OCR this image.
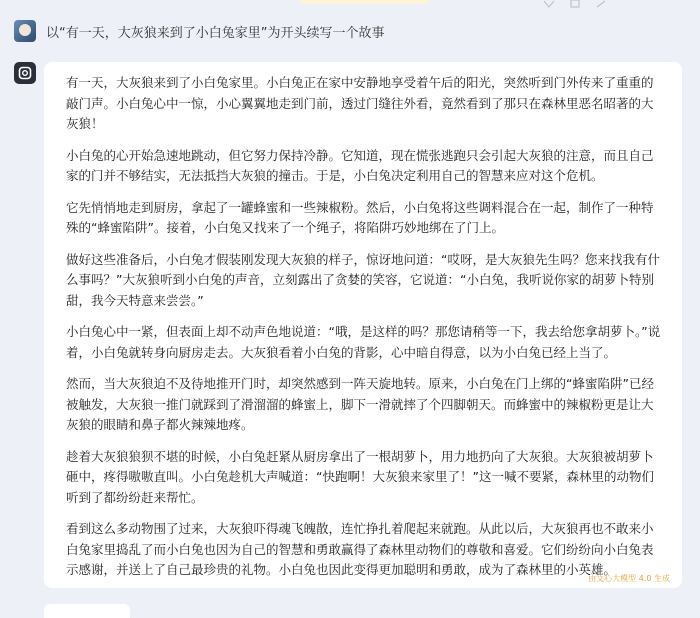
以“有一天，大灰狼来到了小白兔家里”为开头续写一个故事

有一天，大灰狼来到了小白兔家里。小白兔正在家中安静地享受着午后的阳光，突然听到门外传来了重重的敲门声。小白兔心中一惊，小心翼翼地走到门前，透过门缝往外看，竟然看到了那只在森林里恶名昭著的大灰狼！

小白兔的心开始急速地跳动，但它努力保持冷静。它知道，现在慌张逃跑只会引起大灰狼的注意，而且自己家的门并不够结实，无法抵挡大灰狼的撞击。于是，小白兔决定利用自己的智慧来应对这个危机。

它先悄悄地走到厨房，拿起了一罐蜂蜜和一些辣椒粉。然后，小白兔将这些调料混合在一起，制作了一种特殊的“蜂蜜陷阱”。接着，小白兔又找来了一个绳子，将陷阱巧妙地绑在了门上。

做好这些准备后，小白兔才假装刚发现大灰狼的样子，惊讶地问道：“哎呀，是大灰狼先生吗？您来找我有什么事吗？”大灰狼听到小白兔的声音，立刻露出了贪婪的笑容，它说道：“小白兔，我听说你家的胡萝卜特别甜，我今天特意来尝尝。”

小白兔心中一紧，但表面上却不动声色地说道：“哦，是这样的吗？那您请稍等一下，我去给您拿胡萝卜。”说着，小白兔就转身向厨房走去。大灰狼看着小白兔的背影，心中暗自得意，以为小白兔已经上当了。

然而，当大灰狼迫不及待地推开门时，却突然感到一阵天旋地转。原来，小白兔在门上绑的“蜂蜜陷阱”已经被触发，大灰狼一推门就踩到了滑溜溜的蜂蜜上，脚下一滑就摔了个四脚朝天。而蜂蜜中的辣椒粉更是让大灰狼的眼睛和鼻子都火辣辣地疼。

趁着大灰狼狼狈不堪的时候，小白兔赶紧从厨房拿出了一根胡萝卜，用力地扔向了大灰狼。大灰狼被胡萝卜砸中，疼得嗷嗷直叫。小白兔趁机大声喊道：“快跑啊！大灰狼来家里了！”这一喊不要紧，森林里的动物们听到了都纷纷赶来帮忙。

看到这么多动物围了过来，大灰狼吓得魂飞魄散，连忙挣扎着爬起来就跑。从此以后，大灰狼再也不敢来小白兔家里捣乱了而小白兔也因为自己的智慧和勇敢赢得了森林里动物们的尊敬和喜爱。它们纷纷向小白兔表示感谢，并送上了自己最珍贵的礼物。小白兔也因此变得更加聪明和勇敢，成为了森林里的小英雄。

由文心大模型 4.0 生成
